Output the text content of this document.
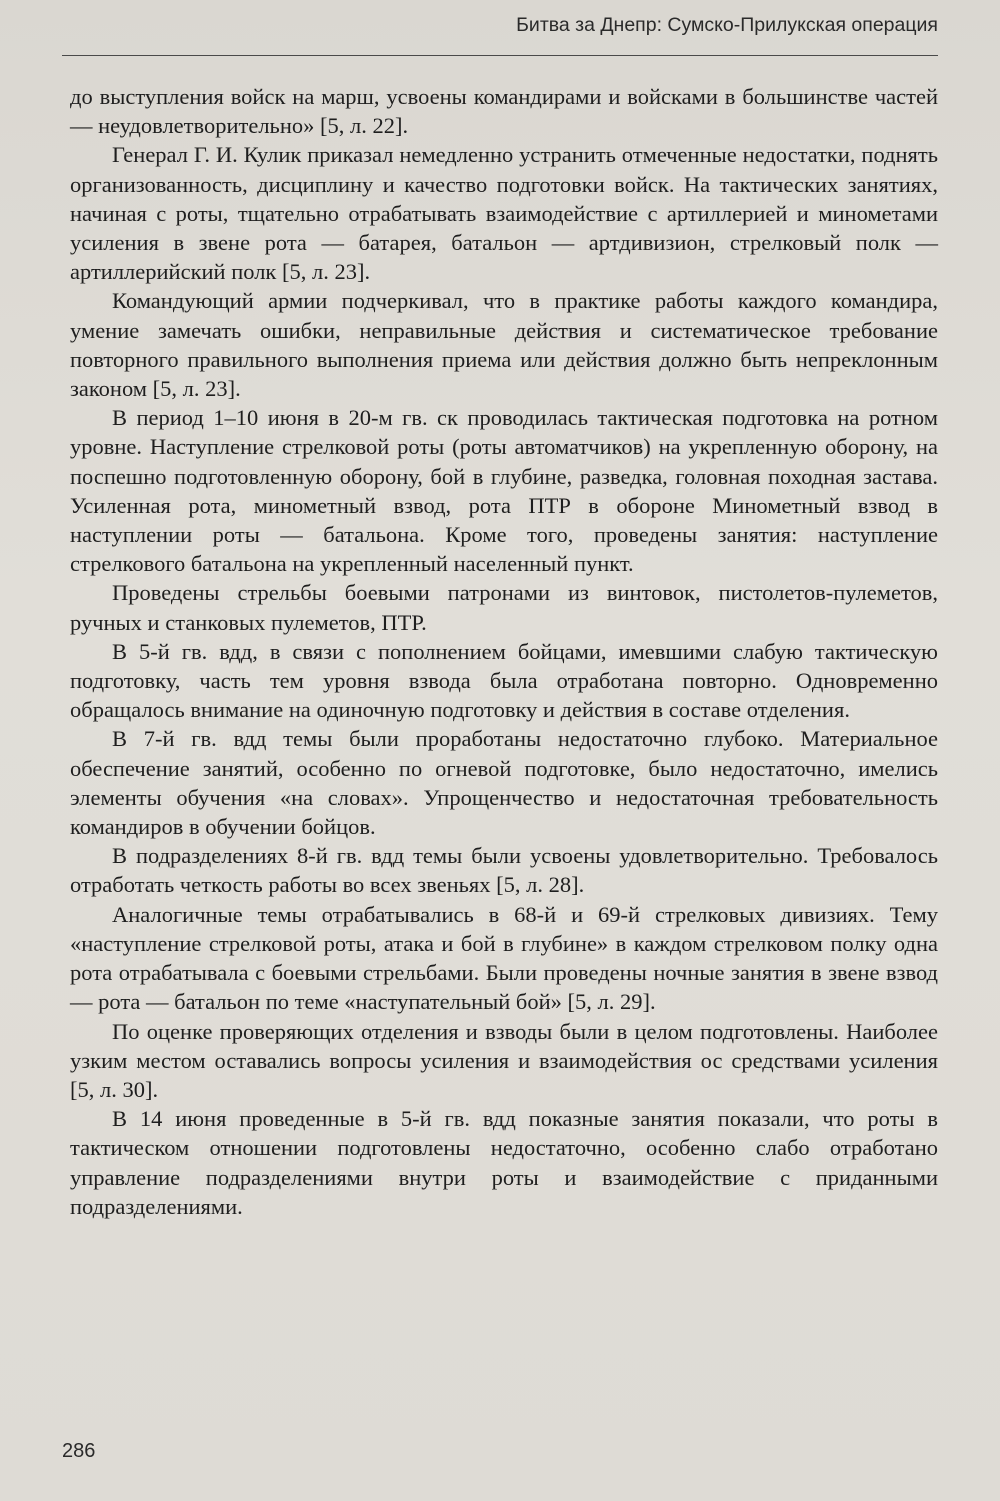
Битва за Днепр: Сумско-Прилукская операция

до выступления войск на марш, усвоены командирами и войсками в большинстве частей — неудовлетворительно» [5, л. 22].

Генерал Г. И. Кулик приказал немедленно устранить отмеченные недостатки, поднять организованность, дисциплину и качество подготовки войск. На тактических занятиях, начиная с роты, тщательно отрабатывать взаимодействие с артиллерией и минометами усиления в звене рота — батарея, батальон — артдивизион, стрелковый полк — артиллерийский полк [5, л. 23].

Командующий армии подчеркивал, что в практике работы каждого командира, умение замечать ошибки, неправильные действия и систематическое требование повторного правильного выполнения приема или действия должно быть непреклонным законом [5, л. 23].

В период 1–10 июня в 20-м гв. ск проводилась тактическая подготовка на ротном уровне. Наступление стрелковой роты (роты автоматчиков) на укрепленную оборону, на поспешно подготовленную оборону, бой в глубине, разведка, головная походная застава. Усиленная рота, минометный взвод, рота ПТР в обороне Минометный взвод в наступлении роты — батальона. Кроме того, проведены занятия: наступление стрелкового батальона на укрепленный населенный пункт.

Проведены стрельбы боевыми патронами из винтовок, пистолетов-пулеметов, ручных и станковых пулеметов, ПТР.

В 5-й гв. вдд, в связи с пополнением бойцами, имевшими слабую тактическую подготовку, часть тем уровня взвода была отработана повторно. Одновременно обращалось внимание на одиночную подготовку и действия в составе отделения.

В 7-й гв. вдд темы были проработаны недостаточно глубоко. Материальное обеспечение занятий, особенно по огневой подготовке, было недостаточно, имелись элементы обучения «на словах». Упрощенчество и недостаточная требовательность командиров в обучении бойцов.

В подразделениях 8-й гв. вдд темы были усвоены удовлетворительно. Требовалось отработать четкость работы во всех звеньях [5, л. 28].

Аналогичные темы отрабатывались в 68-й и 69-й стрелковых дивизиях. Тему «наступление стрелковой роты, атака и бой в глубине» в каждом стрелковом полку одна рота отрабатывала с боевыми стрельбами. Были проведены ночные занятия в звене взвод — рота — батальон по теме «наступательный бой» [5, л. 29].

По оценке проверяющих отделения и взводы были в целом подготовлены. Наиболее узким местом оставались вопросы усиления и взаимодействия ос средствами усиления [5, л. 30].

В 14 июня проведенные в 5-й гв. вдд показные занятия показали, что роты в тактическом отношении подготовлены недостаточно, особенно слабо отработано управление подразделениями внутри роты и взаимодействие с приданными подразделениями.

286
